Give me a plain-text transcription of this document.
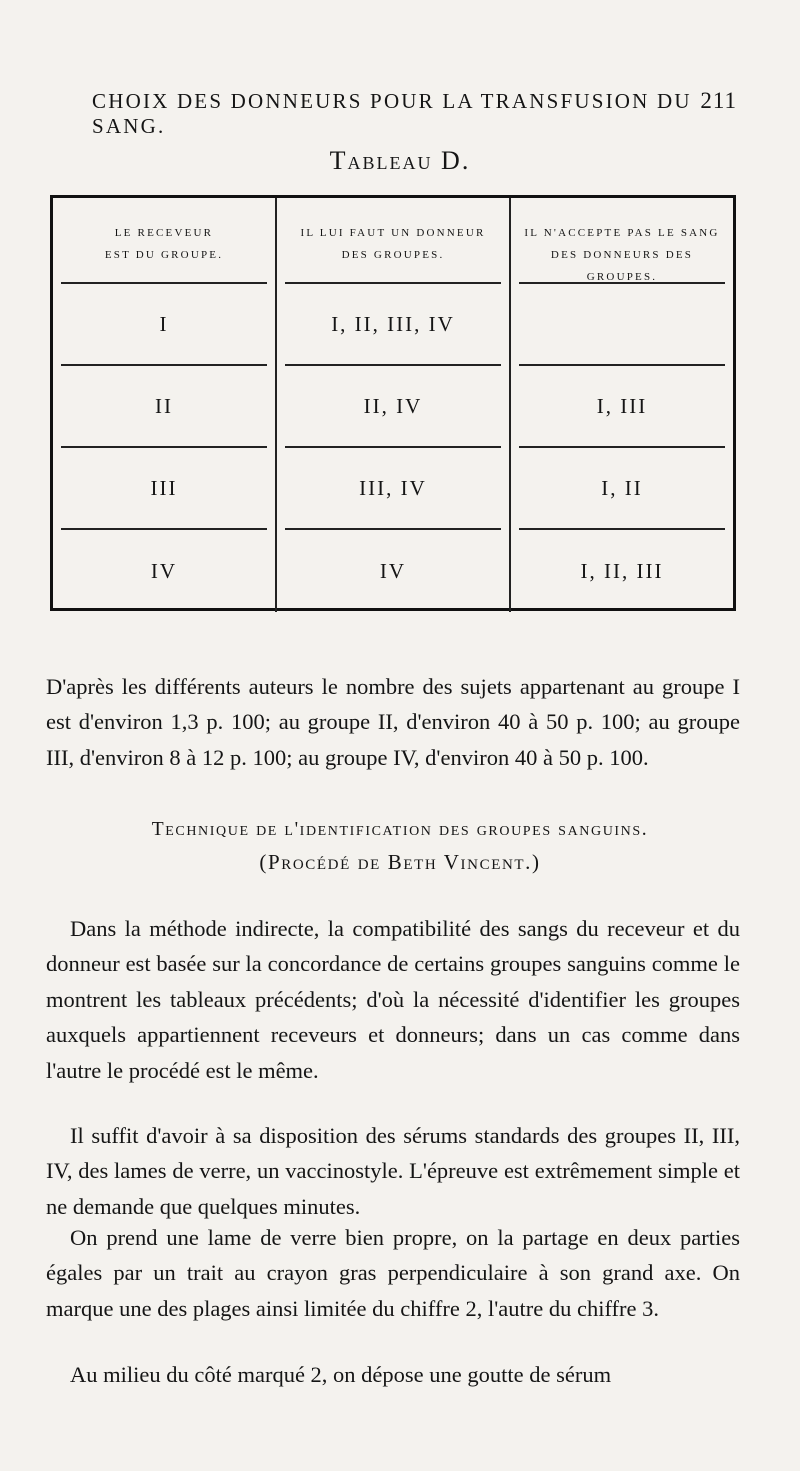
CHOIX DES DONNEURS POUR LA TRANSFUSION DU SANG.
211
Tableau D.
LE RECEVEUR
EST DU GROUPE.
I
II
III
IV
IL LUI FAUT UN DONNEUR
DES GROUPES.
I, II, III, IV
II, IV
III, IV
IV
IL N'ACCEPTE PAS LE SANG
DES DONNEURS DES GROUPES.
I, III
I, II
I, II, III

D'après les différents auteurs le nombre des sujets appartenant au groupe I est d'environ 1,3 p. 100; au groupe II, d'environ 40 à 50 p. 100; au groupe III, d'environ 8 à 12 p. 100; au groupe IV, d'environ 40 à 50 p. 100.

Technique de l'identification des groupes sanguins.
(Procédé de Beth Vincent.)

Dans la méthode indirecte, la compatibilité des sangs du receveur et du donneur est basée sur la concordance de certains groupes sanguins comme le montrent les tableaux précédents; d'où la nécessité d'identifier les groupes auxquels appartiennent receveurs et donneurs; dans un cas comme dans l'autre le procédé est le même.

Il suffit d'avoir à sa disposition des sérums standards des groupes II, III, IV, des lames de verre, un vaccinostyle. L'épreuve est extrêmement simple et ne demande que quelques minutes.

On prend une lame de verre bien propre, on la partage en deux parties égales par un trait au crayon gras perpendiculaire à son grand axe. On marque une des plages ainsi limitée du chiffre 2, l'autre du chiffre 3.

Au milieu du côté marqué 2, on dépose une goutte de sérum
